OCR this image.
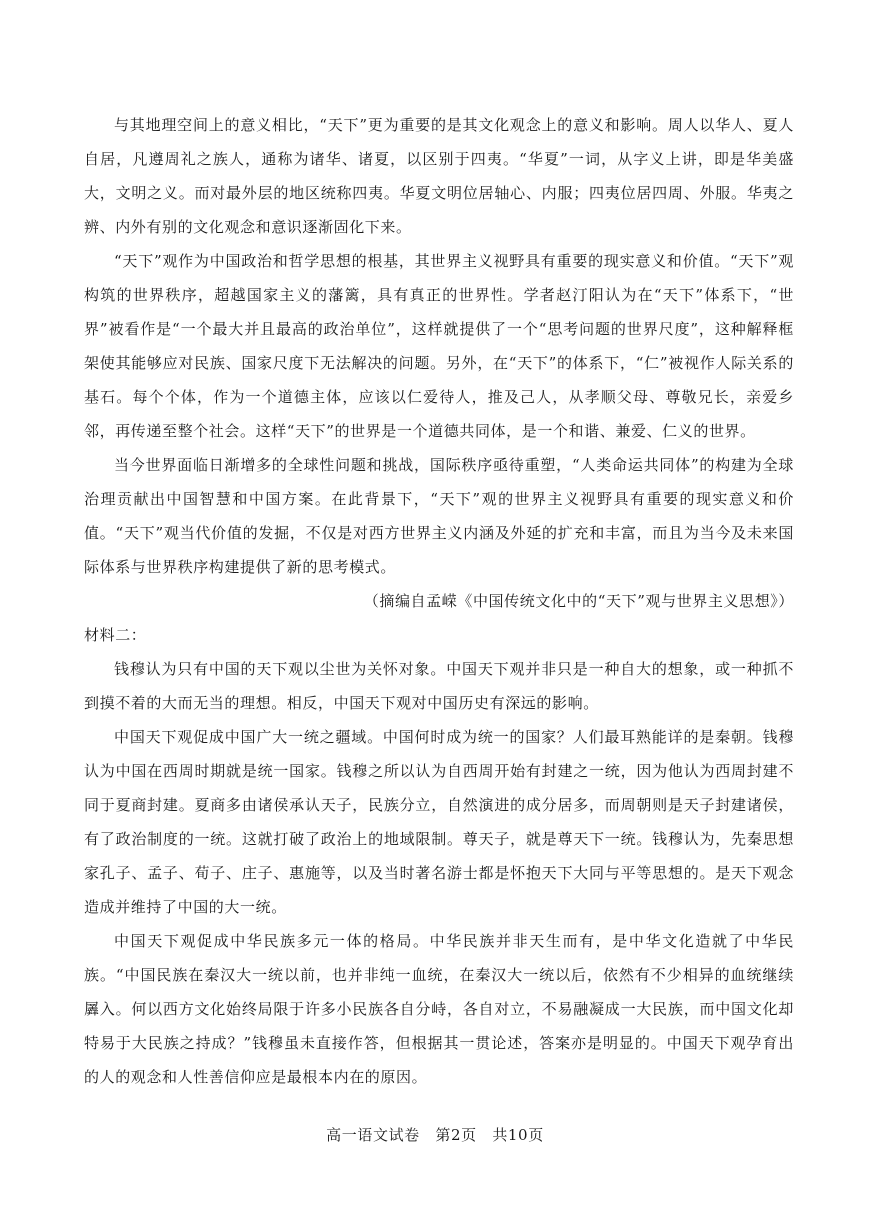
与其地理空间上的意义相比，“天下”更为重要的是其文化观念上的意义和影响。周人以华人、夏人自居，凡遵周礼之族人，通称为诸华、诸夏，以区别于四夷。“华夏”一词，从字义上讲，即是华美盛大，文明之义。而对最外层的地区统称四夷。华夏文明位居轴心、内服；四夷位居四周、外服。华夷之辨、内外有别的文化观念和意识逐渐固化下来。

“天下”观作为中国政治和哲学思想的根基，其世界主义视野具有重要的现实意义和价值。“天下”观构筑的世界秩序，超越国家主义的藩篱，具有真正的世界性。学者赵汀阳认为在“天下”体系下，“世界”被看作是“一个最大并且最高的政治单位”，这样就提供了一个“思考问题的世界尺度”，这种解释框架使其能够应对民族、国家尺度下无法解决的问题。另外，在“天下”的体系下，“仁”被视作人际关系的基石。每个个体，作为一个道德主体，应该以仁爱待人，推及己人，从孝顺父母、尊敬兄长，亲爱乡邻，再传递至整个社会。这样“天下”的世界是一个道德共同体，是一个和谐、兼爱、仁义的世界。

当今世界面临日渐增多的全球性问题和挑战，国际秩序亟待重塑，“人类命运共同体”的构建为全球治理贡献出中国智慧和中国方案。在此背景下，“天下”观的世界主义视野具有重要的现实意义和价值。“天下”观当代价值的发掘，不仅是对西方世界主义内涵及外延的扩充和丰富，而且为当今及未来国际体系与世界秩序构建提供了新的思考模式。

（摘编自孟嵘《中国传统文化中的“天下”观与世界主义思想》）

材料二：

钱穆认为只有中国的天下观以尘世为关怀对象。中国天下观并非只是一种自大的想象，或一种抓不到摸不着的大而无当的理想。相反，中国天下观对中国历史有深远的影响。

中国天下观促成中国广大一统之疆域。中国何时成为统一的国家？人们最耳熟能详的是秦朝。钱穆认为中国在西周时期就是统一国家。钱穆之所以认为自西周开始有封建之一统，因为他认为西周封建不同于夏商封建。夏商多由诸侯承认天子，民族分立，自然演进的成分居多，而周朝则是天子封建诸侯，有了政治制度的一统。这就打破了政治上的地域限制。尊天子，就是尊天下一统。钱穆认为，先秦思想家孔子、孟子、荀子、庄子、惠施等，以及当时著名游士都是怀抱天下大同与平等思想的。是天下观念造成并维持了中国的大一统。

中国天下观促成中华民族多元一体的格局。中华民族并非天生而有，是中华文化造就了中华民族。“中国民族在秦汉大一统以前，也并非纯一血统，在秦汉大一统以后，依然有不少相异的血统继续羼入。何以西方文化始终局限于许多小民族各自分峙，各自对立，不易融凝成一大民族，而中国文化却特易于大民族之持成？”钱穆虽未直接作答，但根据其一贯论述，答案亦是明显的。中国天下观孕育出的人的观念和人性善信仰应是最根本内在的原因。

高一语文试卷　第2页　共10页
